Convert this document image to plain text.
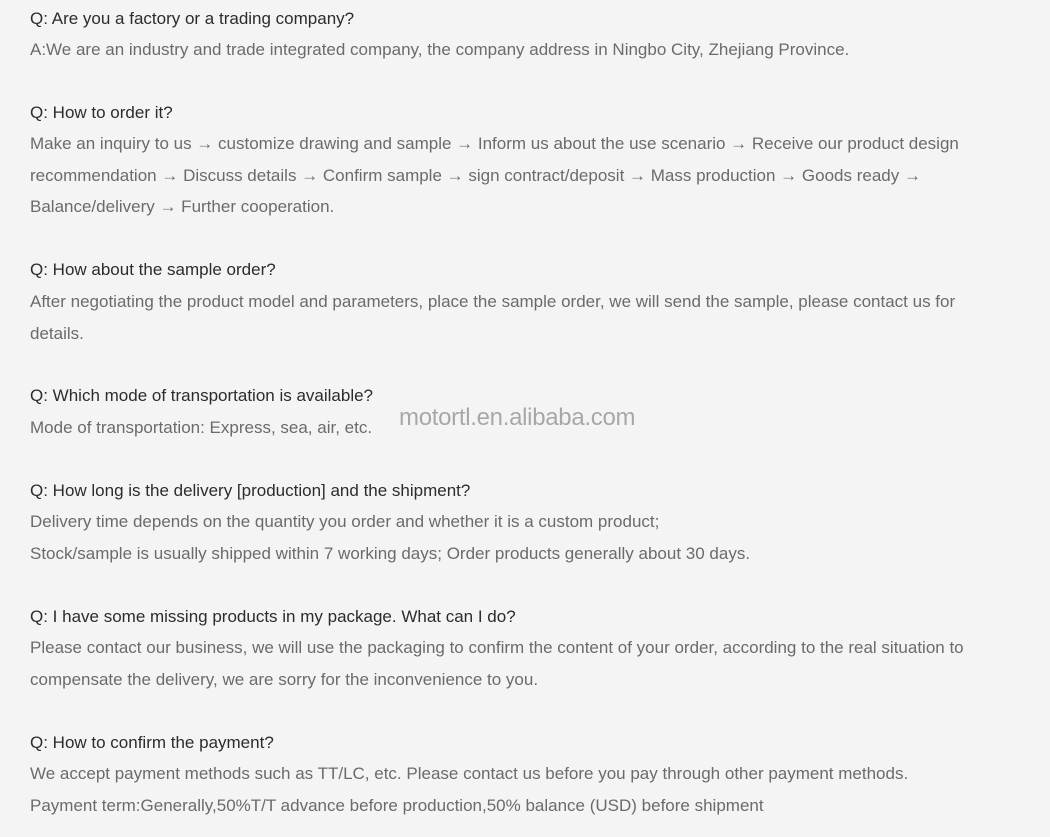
Q: Are you a factory or a trading company?
A:We are an industry and trade integrated company, the company address in Ningbo City, Zhejiang Province.
Q: How to order it?
Make an inquiry to us → customize drawing and sample → Inform us about the use scenario → Receive our product design
recommendation → Discuss details → Confirm sample → sign contract/deposit → Mass production → Goods ready →
Balance/delivery → Further cooperation.
Q: How about the sample order?
After negotiating the product model and parameters, place the sample order, we will send the sample, please contact us for
details.
Q: Which mode of transportation is available?
Mode of transportation: Express, sea, air, etc.
Q: How long is the delivery [production] and the shipment?
Delivery time depends on the quantity you order and whether it is a custom product;
Stock/sample is usually shipped within 7 working days; Order products generally about 30 days.
Q: I have some missing products in my package. What can I do?
Please contact our business, we will use the packaging to confirm the content of your order, according to the real situation to
compensate the delivery, we are sorry for the inconvenience to you.
Q: How to confirm the payment?
We accept payment methods such as TT/LC, etc. Please contact us before you pay through other payment methods.
Payment term:Generally,50%T/T advance before production,50% balance (USD) before shipment
motortl.en.alibaba.com
